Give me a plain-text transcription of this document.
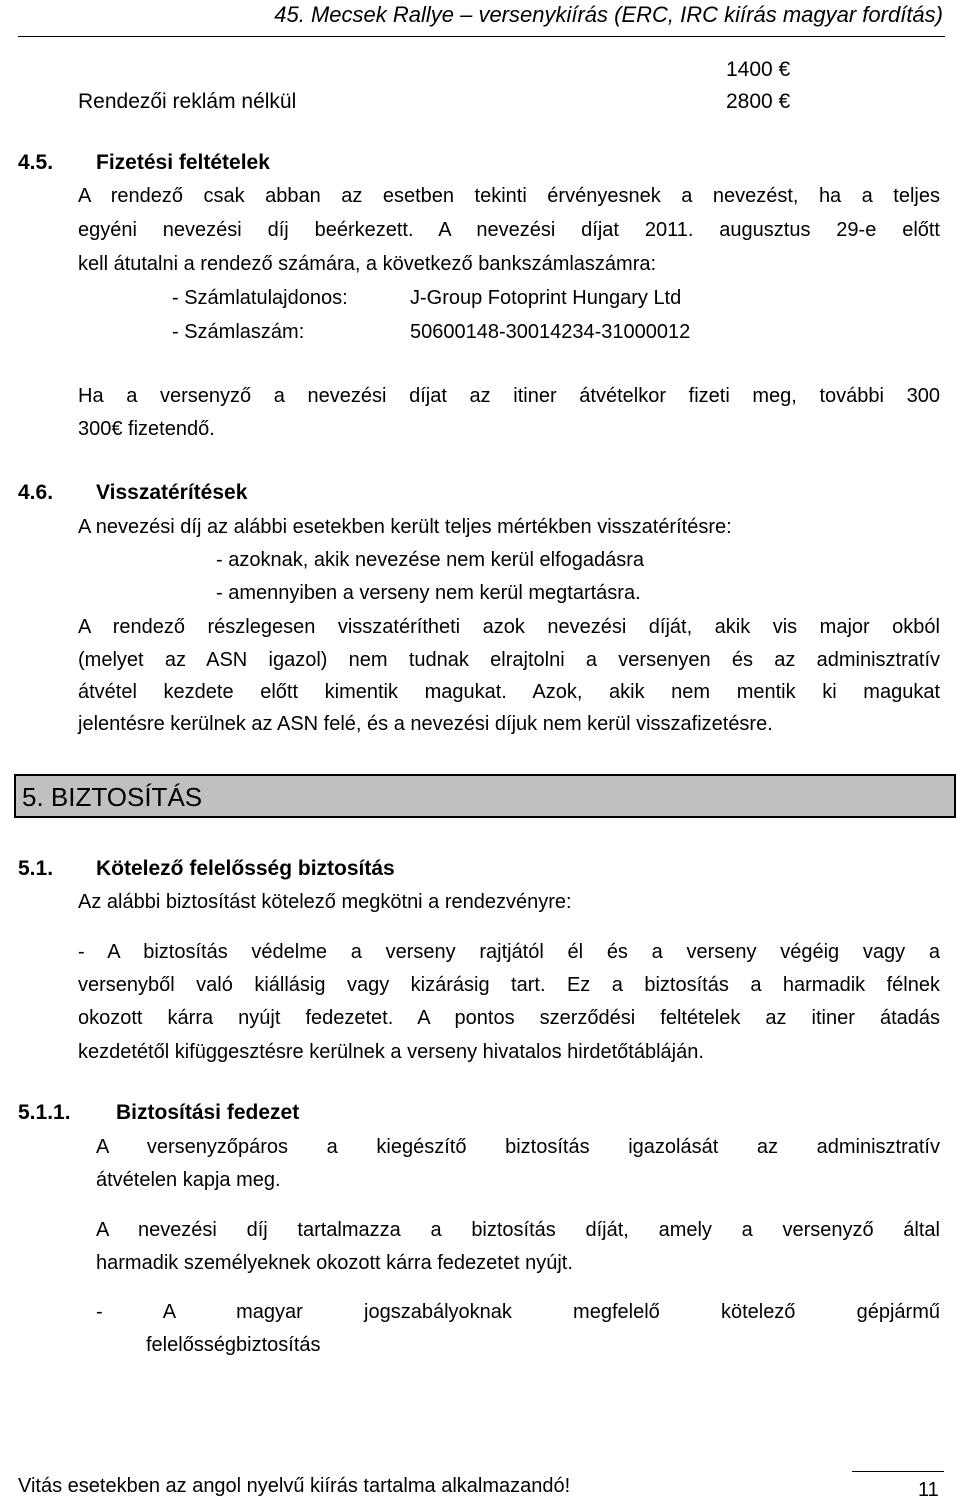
45. Mecsek Rallye – versenykiírás (ERC, IRC kiírás magyar fordítás)
1400 €
Rendezői reklám nélkül	2800 €
4.5. Fizetési feltételek
A rendező csak abban az esetben tekinti érvényesnek a nevezést, ha a teljes
egyéni nevezési díj beérkezett. A nevezési díjat 2011. augusztus 29-e előtt
kell átutalni a rendező számára, a következő bankszámlaszámra:
- Számlatulajdonos:	J-Group Fotoprint Hungary Ltd
- Számlaszám:	50600148-30014234-31000012
Ha a versenyző a nevezési díjat az itiner átvételkor fizeti meg, további 300
300€ fizetendő.
4.6. Visszatérítések
A nevezési díj az alábbi esetekben került teljes mértékben visszatérítésre:
- azoknak, akik nevezése nem kerül elfogadásra
- amennyiben a verseny nem kerül megtartásra.
A rendező részlegesen visszatérítheti azok nevezési díját, akik vis major okból
(melyet az ASN igazol) nem tudnak elrajtolni a versenyen és az adminisztratív
átvétel kezdete előtt kimentik magukat. Azok, akik nem mentik ki magukat
jelentésre kerülnek az ASN felé, és a nevezési díjuk nem kerül visszafizetésre.
5. BIZTOSÍTÁS
5.1. Kötelező felelősség biztosítás
Az alábbi biztosítást kötelező megkötni a rendezvényre:
- A biztosítás védelme a verseny rajtjától él és a verseny végéig vagy a
versenyből való kiállásig vagy kizárásig tart. Ez a biztosítás a harmadik félnek
okozott kárra nyújt fedezetet. A pontos szerződési feltételek az itiner átadás
kezdetétől kifüggesztésre kerülnek a verseny hivatalos hirdetőtábláján.
5.1.1. Biztosítási fedezet
A versenyzőpáros a kiegészítő biztosítás igazolását az adminisztratív
átvételen kapja meg.
A nevezési díj tartalmazza a biztosítás díját, amely a versenyző által
harmadik személyeknek okozott kárra fedezetet nyújt.
- A magyar jogszabályoknak megfelelő kötelező gépjármű
felelősségbiztosítás
Vitás esetekben az angol nyelvű kiírás tartalma alkalmazandó!	11
